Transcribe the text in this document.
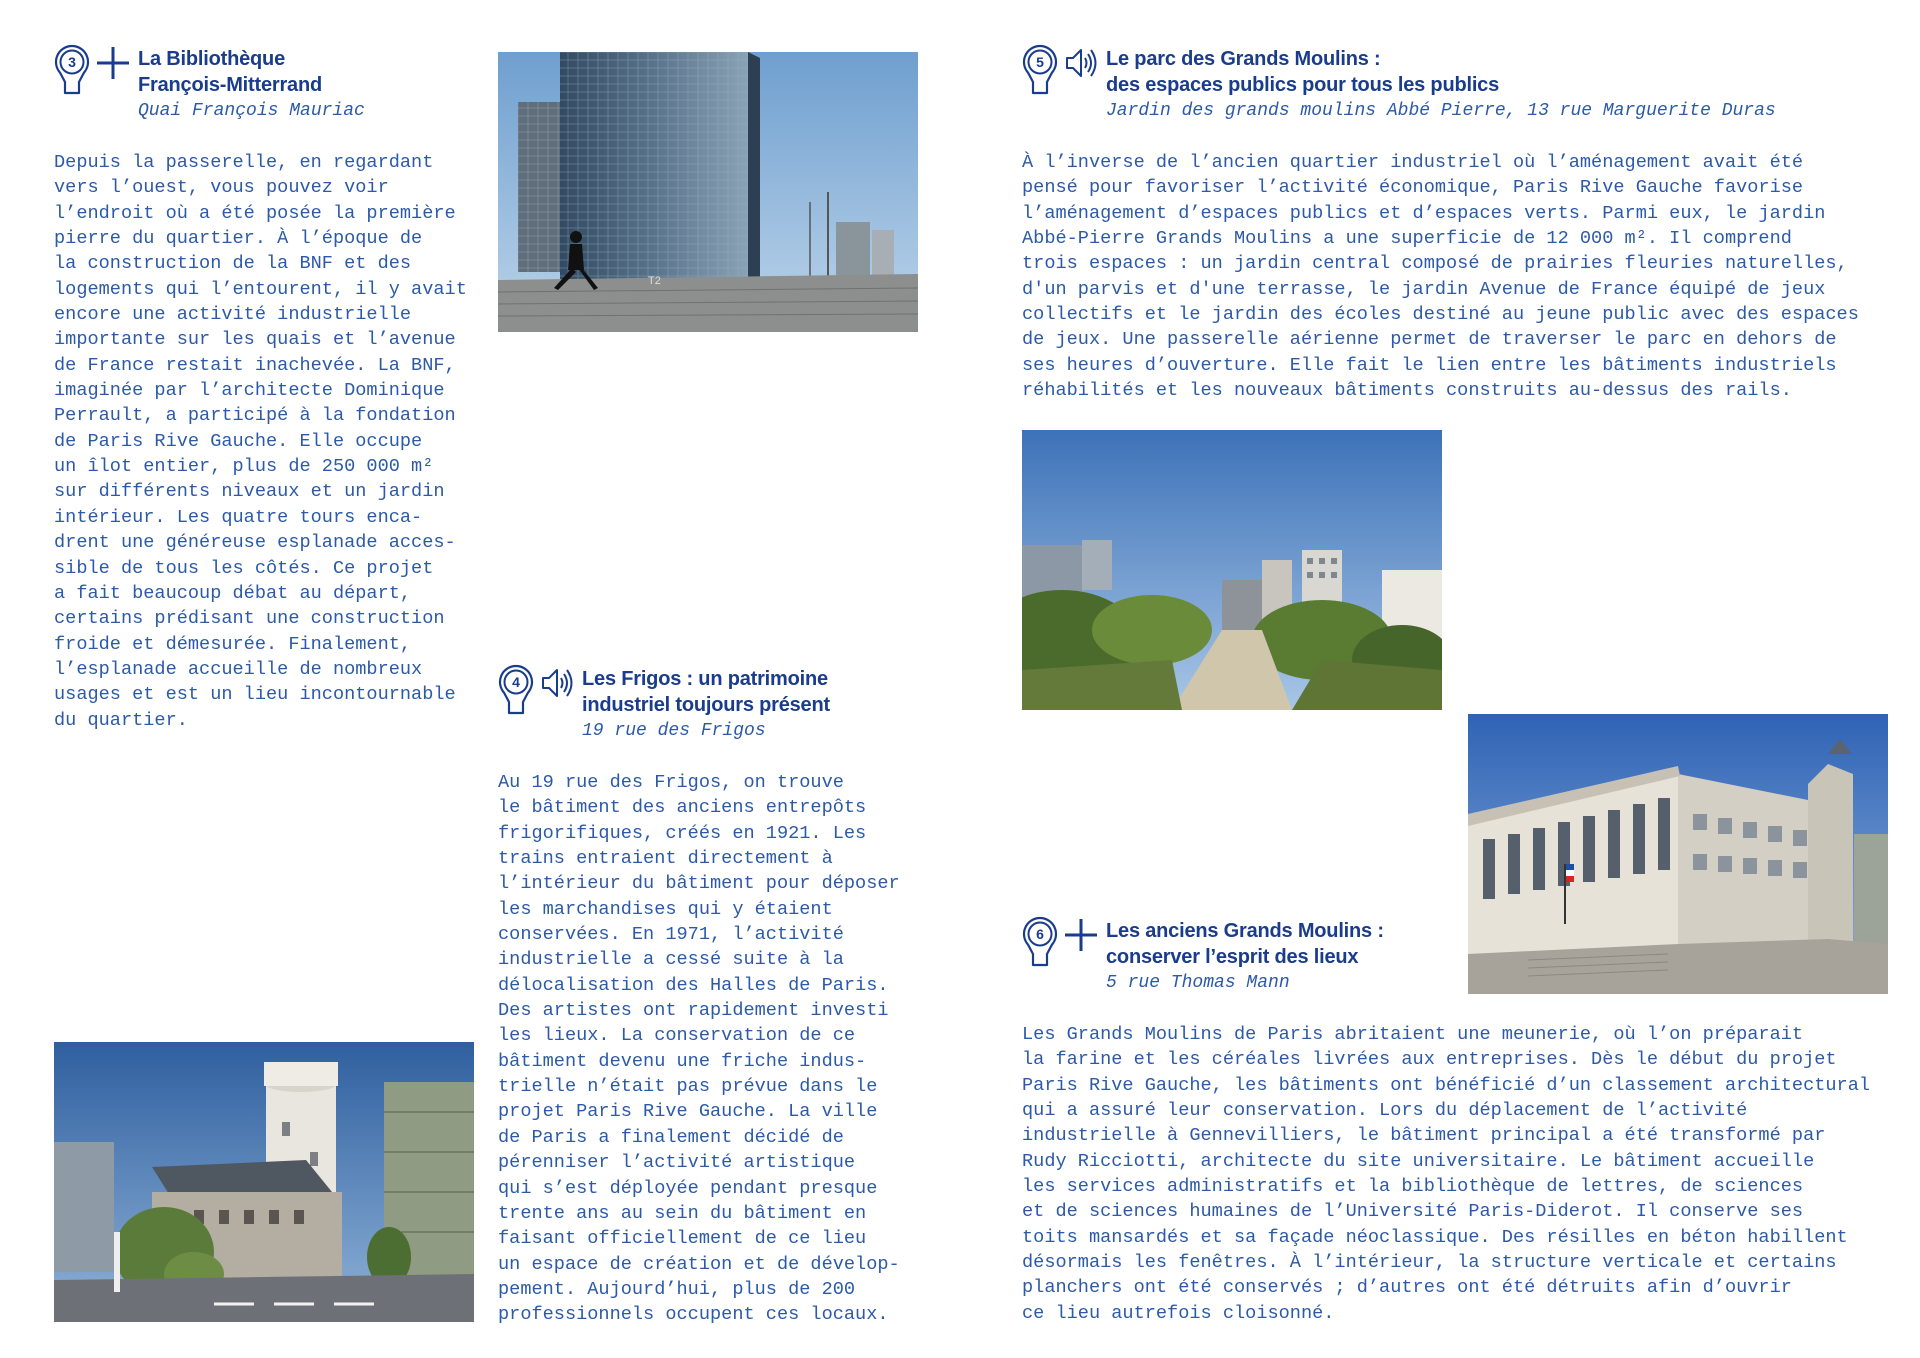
3	La Bibliothèque
François-Mitterrand
Quai François Mauriac
Depuis la passerelle, en regardant
vers l’ouest, vous pouvez voir
l’endroit où a été posée la première
pierre du quartier. À l’époque de
la construction de la BNF et des
logements qui l’entourent, il y avait
encore une activité industrielle
importante sur les quais et l’avenue
de France restait inachevée. La BNF,
imaginée par l’architecte Dominique
Perrault, a participé à la fondation
de Paris Rive Gauche. Elle occupe
un îlot entier, plus de 250 000 m²
sur différents niveaux et un jardin
intérieur. Les quatre tours enca-
drent une généreuse esplanade acces-
sible de tous les côtés. Ce projet
a fait beaucoup débat au départ,
certains prédisant une construction
froide et démesurée. Finalement,
l’esplanade accueille de nombreux
usages et est un lieu incontournable
du quartier.
T2
4	Les Frigos : un patrimoine
industriel toujours présent
19 rue des Frigos
Au 19 rue des Frigos, on trouve
le bâtiment des anciens entrepôts
frigorifiques, créés en 1921. Les
trains entraient directement à
l’intérieur du bâtiment pour déposer
les marchandises qui y étaient
conservées. En 1971, l’activité
industrielle a cessé suite à la
délocalisation des Halles de Paris.
Des artistes ont rapidement investi
les lieux. La conservation de ce
bâtiment devenu une friche indus-
trielle n’était pas prévue dans le
projet Paris Rive Gauche. La ville
de Paris a finalement décidé de
pérenniser l’activité artistique
qui s’est déployée pendant presque
trente ans au sein du bâtiment en
faisant officiellement de ce lieu
un espace de création et de dévelop-
pement. Aujourd’hui, plus de 200
professionnels occupent ces locaux.
5	Le parc des Grands Moulins :
des espaces publics pour tous les publics
Jardin des grands moulins Abbé Pierre, 13 rue Marguerite Duras
À l’inverse de l’ancien quartier industriel où l’aménagement avait été
pensé pour favoriser l’activité économique, Paris Rive Gauche favorise
l’aménagement d’espaces publics et d’espaces verts. Parmi eux, le jardin
Abbé-Pierre Grands Moulins a une superficie de 12 000 m². Il comprend
trois espaces : un jardin central composé de prairies fleuries naturelles,
d'un parvis et d'une terrasse, le jardin Avenue de France équipé de jeux
collectifs et le jardin des écoles destiné au jeune public avec des espaces
de jeux. Une passerelle aérienne permet de traverser le parc en dehors de
ses heures d’ouverture. Elle fait le lien entre les bâtiments industriels
réhabilités et les nouveaux bâtiments construits au-dessus des rails.
6	Les anciens Grands Moulins :
conserver l’esprit des lieux
5 rue Thomas Mann
Les Grands Moulins de Paris abritaient une meunerie, où l’on préparait
la farine et les céréales livrées aux entreprises. Dès le début du projet
Paris Rive Gauche, les bâtiments ont bénéficié d’un classement architectural
qui a assuré leur conservation. Lors du déplacement de l’activité
industrielle à Gennevilliers, le bâtiment principal a été transformé par
Rudy Ricciotti, architecte du site universitaire. Le bâtiment accueille
les services administratifs et la bibliothèque de lettres, de sciences
et de sciences humaines de l’Université Paris-Diderot. Il conserve ses
toits mansardés et sa façade néoclassique. Des résilles en béton habillent
désormais les fenêtres. À l’intérieur, la structure verticale et certains
planchers ont été conservés ; d’autres ont été détruits afin d’ouvrir
ce lieu autrefois cloisonné.
